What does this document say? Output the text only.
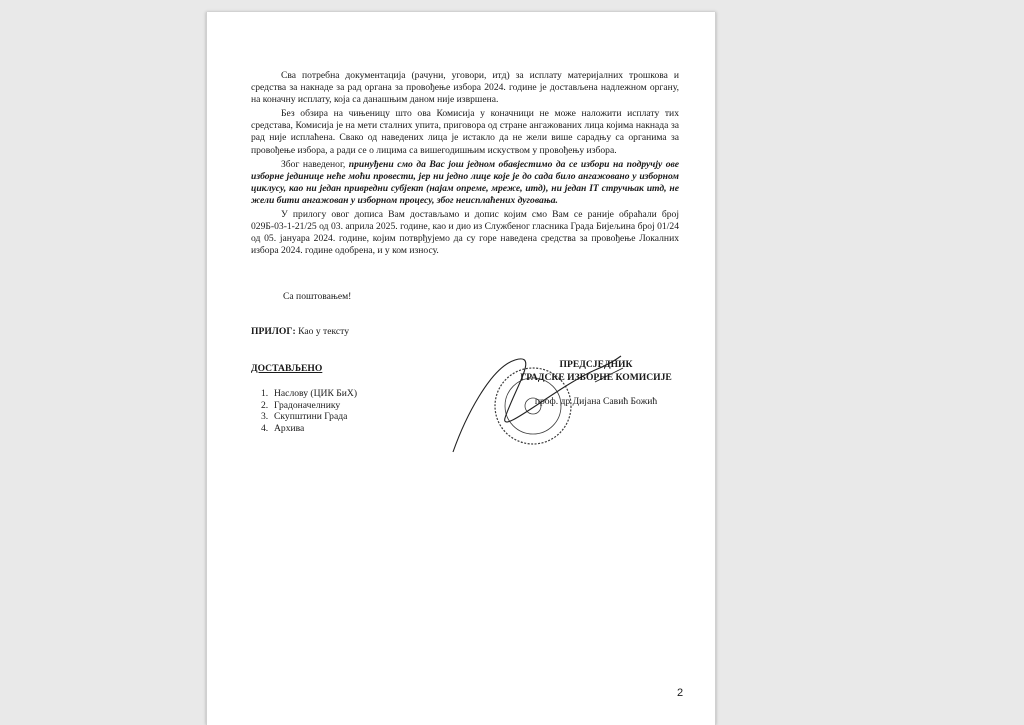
Сва потребна документација (рачуни, уговори, итд) за исплату материјалних трошкова и средства за накнаде за рад органа за провођење избора 2024. године је достављена надлежном органу, на коначну исплату, која са данашњим даном није извршена.

Без обзира на чињеницу што ова Комисија у коначници не може наложити исплату тих средстава, Комисија је на мети сталних упита, приговора од стране ангажованих лица којима накнада за рад није исплаћена. Свако од наведених лица је истакло да не жели више сарадњу са органима за провођење избора, а ради се о лицима са вишегодишњим искуством у провођењу избора.

Због наведеног, принуђени смо да Вас још једном обавјестимо да се избори на подручју ове изборне јединице неће моћи провести, јер ни једно лице које је до сада било ангажовано у изборном циклусу, као ни један привредни субјект (најам опреме, мреже, итд), ни један IT стручњак итд, не жели бити ангажован у изборном процесу, због неисплаћених дуговања.

У прилогу овог дописа Вам достављамо и допис којим смо Вам се раније обраћали број 029Б-03-1-21/25 од 03. априла 2025. године, као и дио из Службеног гласника Града Бијељина број 01/24 од 05. јануара 2024. године, којим потврђујемо да су горе наведена средства за провођење Локалних избора 2024. године одобрена, и у ком износу.

Са поштовањем!
ПРИЛОГ: Као у тексту
ДОСТАВЉЕНО
1. Наслову (ЦИК БиХ)
2. Градоначелнику
3. Скупштини Града
4. Архива
ПРЕДСЈЕДНИК
ГРАДСКЕ ИЗБОРНЕ КОМИСИЈЕ
проф. др Дијана Савић Божић
2
